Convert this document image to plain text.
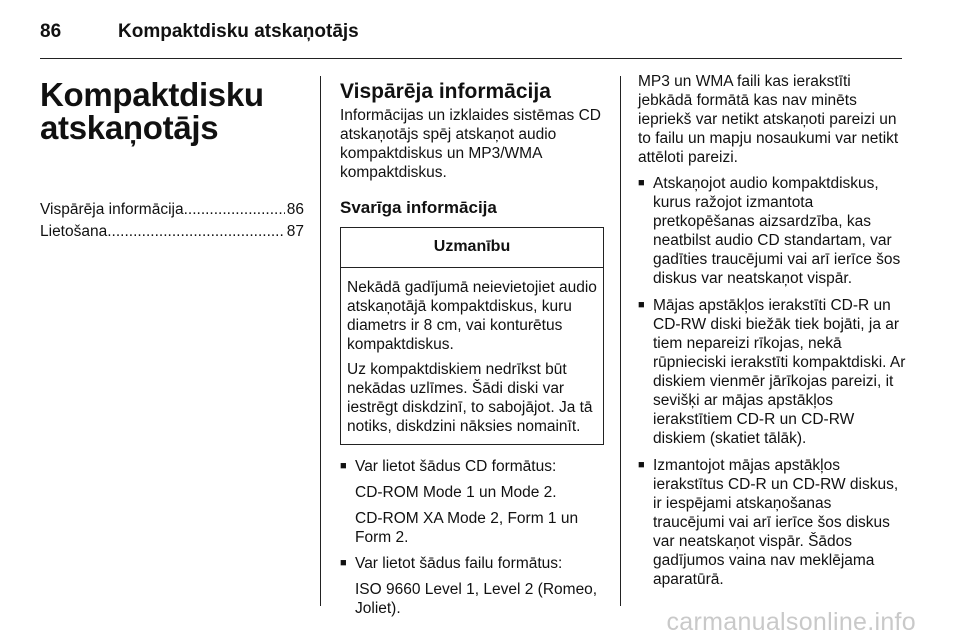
86	Kompaktdisku atskaņotājs
Kompaktdisku atskaņotājs
Vispārēja informācija .....	86
Lietošana .....	87
Vispārēja informācija

Informācijas un izklaides sistēmas CD atskaņotājs spēj atskaņot audio kompaktdiskus un MP3/WMA kompaktdiskus.

Svarīga informācija
Uzmanību

Nekādā gadījumā neievietojiet audio atskaņotājā kompaktdiskus, kuru diametrs ir 8 cm, vai konturētus kompaktdiskus.

Uz kompaktdiskiem nedrīkst būt nekādas uzlīmes. Šādi diski var iestrēgt diskdzinī, to sabojājot. Ja tā notiks, diskdzini nāksies nomainīt.

■ Var lietot šādus CD formātus:
CD-ROM Mode 1 un Mode 2.
CD-ROM XA Mode 2, Form 1 un Form 2.
■ Var lietot šādus failu formātus:
ISO 9660 Level 1, Level 2 (Romeo, Joliet).

MP3 un WMA faili kas ierakstīti jebkādā formātā kas nav minēts iepriekš var netikt atskaņoti pareizi un to failu un mapju nosaukumi var netikt attēloti pareizi.

■ Atskaņojot audio kompaktdiskus, kurus ražojot izmantota pretkopēšanas aizsardzība, kas neatbilst audio CD standartam, var gadīties traucējumi vai arī ierīce šos diskus var neatskaņot vispār.
■ Mājas apstākļos ierakstīti CD-R un CD-RW diski biežāk tiek bojāti, ja ar tiem nepareizi rīkojas, nekā rūpnieciski ierakstīti kompaktdiski. Ar diskiem vienmēr jārīkojas pareizi, it sevišķi ar mājas apstākļos ierakstītiem CD-R un CD-RW diskiem (skatiet tālāk).
■ Izmantojot mājas apstākļos ierakstītus CD-R un CD-RW diskus, ir iespējami atskaņošanas traucējumi vai arī ierīce šos diskus var neatskaņot vispār. Šādos gadījumos vaina nav meklējama aparatūrā.
carmanualsonline.info
